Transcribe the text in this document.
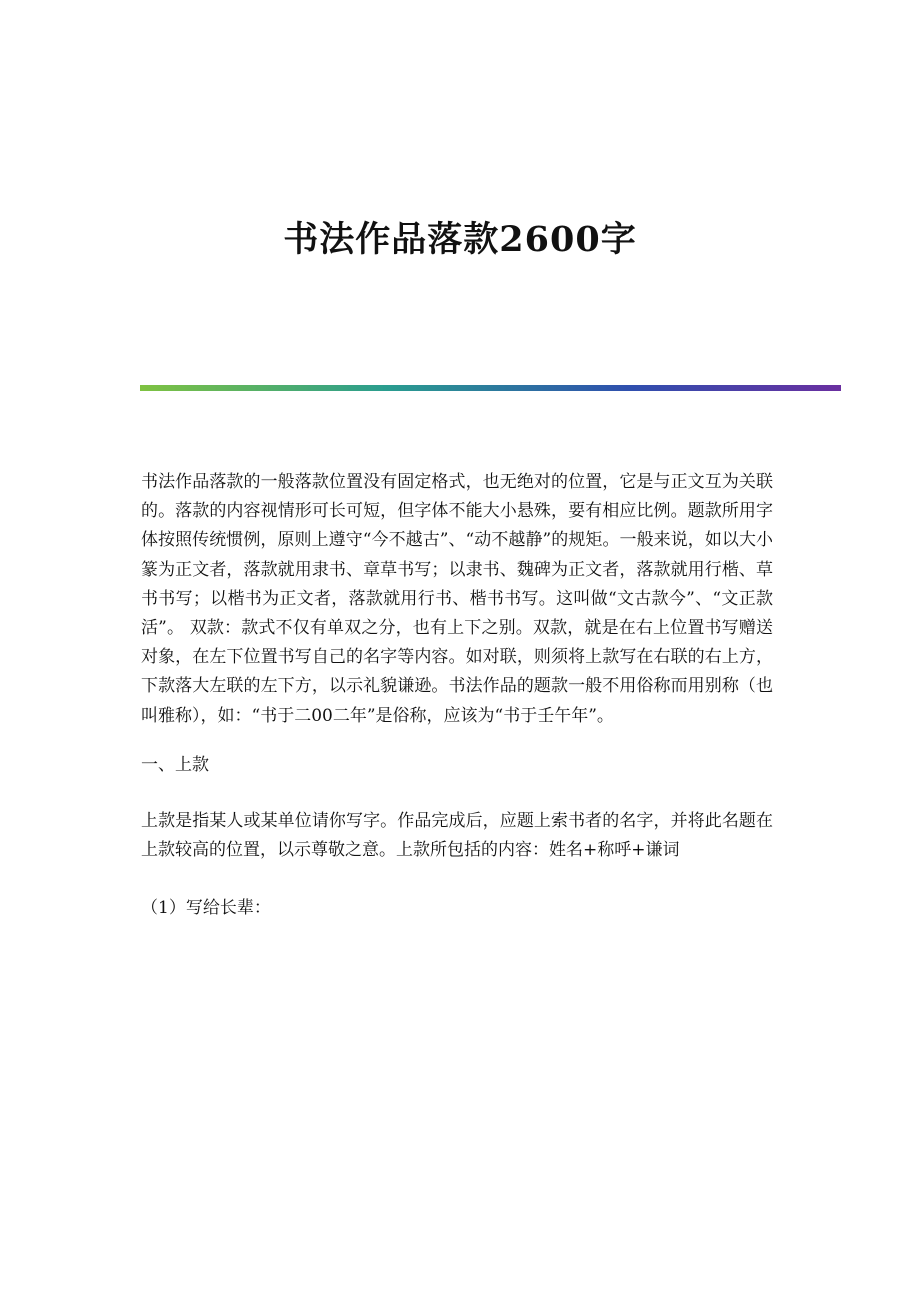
书法作品落款2600字

书法作品落款的一般落款位置没有固定格式，也无绝对的位置，它是与正文互为关联的。落款的内容视情形可长可短，但字体不能大小悬殊，要有相应比例。题款所用字体按照传统惯例，原则上遵守“今不越古”、“动不越静”的规矩。一般来说，如以大小篆为正文者，落款就用隶书、章草书写；以隶书、魏碑为正文者，落款就用行楷、草书书写；以楷书为正文者，落款就用行书、楷书书写。这叫做“文古款今”、“文正款活”。 双款：款式不仅有单双之分，也有上下之别。双款，就是在右上位置书写赠送对象，在左下位置书写自己的名字等内容。如对联，则须将上款写在右联的右上方，下款落大左联的左下方，以示礼貌谦逊。书法作品的题款一般不用俗称而用别称（也叫雅称），如：“书于二00二年”是俗称，应该为“书于壬午年”。

一、上款

上款是指某人或某单位请你写字。作品完成后，应题上索书者的名字，并将此名题在上款较高的位置，以示尊敬之意。上款所包括的内容：姓名+称呼+谦词

（1）写给长辈：
